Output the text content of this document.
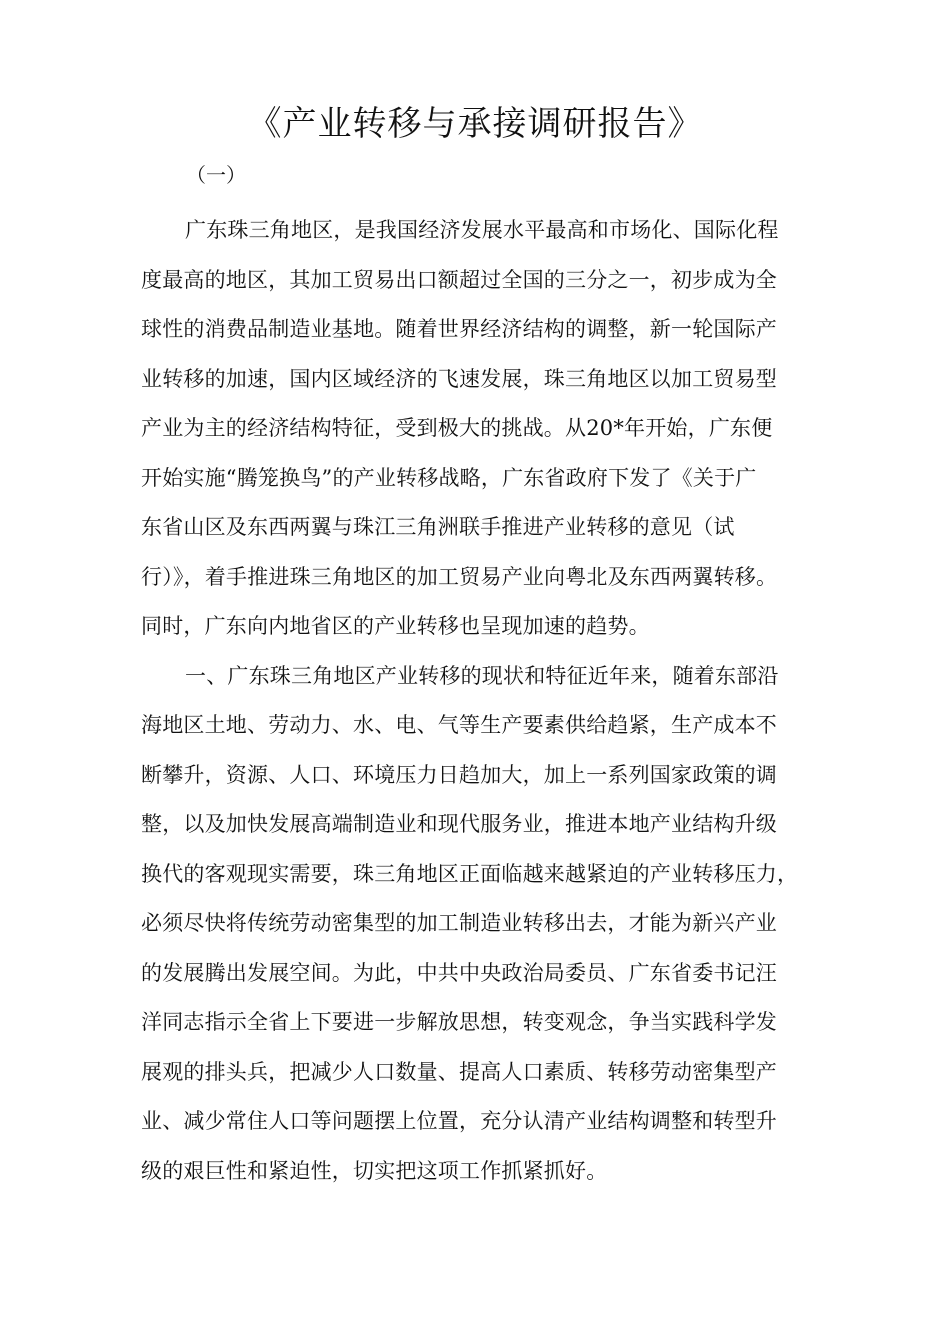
《产业转移与承接调研报告》
（一）
广东珠三角地区，是我国经济发展水平最高和市场化、国际化程
度最高的地区，其加工贸易出口额超过全国的三分之一，初步成为全
球性的消费品制造业基地。随着世界经济结构的调整，新一轮国际产
业转移的加速，国内区域经济的飞速发展，珠三角地区以加工贸易型
产业为主的经济结构特征，受到极大的挑战。从20*年开始，广东便
开始实施“腾笼换鸟”的产业转移战略，广东省政府下发了《关于广
东省山区及东西两翼与珠江三角洲联手推进产业转移的意见（试
行）》，着手推进珠三角地区的加工贸易产业向粤北及东西两翼转移。
同时，广东向内地省区的产业转移也呈现加速的趋势。
一、广东珠三角地区产业转移的现状和特征近年来，随着东部沿
海地区土地、劳动力、水、电、气等生产要素供给趋紧，生产成本不
断攀升，资源、人口、环境压力日趋加大，加上一系列国家政策的调
整，以及加快发展高端制造业和现代服务业，推进本地产业结构升级
换代的客观现实需要，珠三角地区正面临越来越紧迫的产业转移压力，
必须尽快将传统劳动密集型的加工制造业转移出去，才能为新兴产业
的发展腾出发展空间。为此，中共中央政治局委员、广东省委书记汪
洋同志指示全省上下要进一步解放思想，转变观念，争当实践科学发
展观的排头兵，把减少人口数量、提高人口素质、转移劳动密集型产
业、减少常住人口等问题摆上位置，充分认清产业结构调整和转型升
级的艰巨性和紧迫性，切实把这项工作抓紧抓好。
